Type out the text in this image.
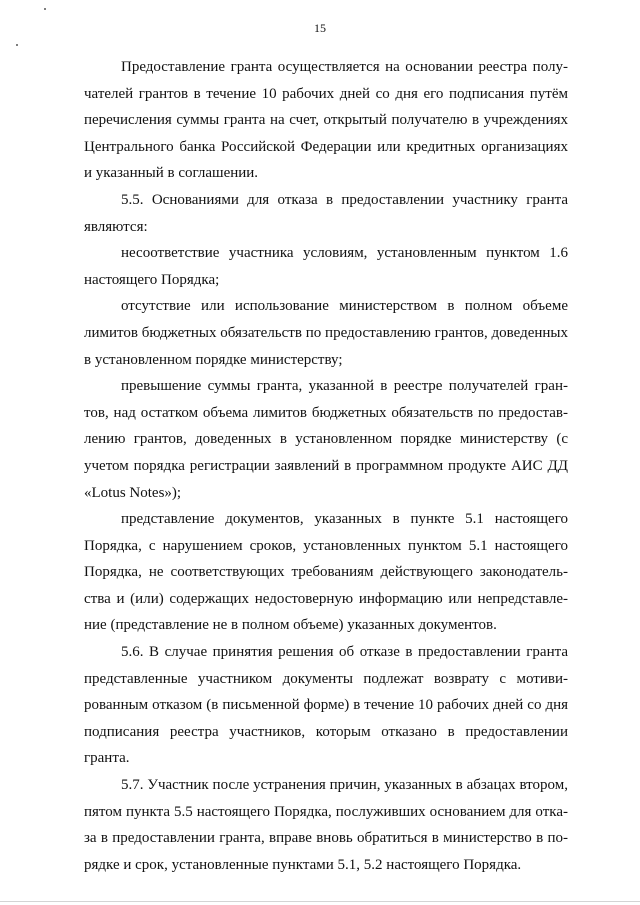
15

Предоставление гранта осуществляется на основании реестра получателей грантов в течение 10 рабочих дней со дня его подписания путём перечисления суммы гранта на счет, открытый получателю в учреждениях Центрального банка Российской Федерации или кредитных организациях и указанный в соглашении.

5.5. Основаниями для отказа в предоставлении участнику гранта являются:

несоответствие участника условиям, установленным пунктом 1.6 настоящего Порядка;

отсутствие или использование министерством в полном объеме лимитов бюджетных обязательств по предоставлению грантов, доведенных в установленном порядке министерству;

превышение суммы гранта, указанной в реестре получателей грантов, над остатком объема лимитов бюджетных обязательств по предоставлению грантов, доведенных в установленном порядке министерству (с учетом порядка регистрации заявлений в программном продукте АИС ДД «Lotus Notes»);

представление документов, указанных в пункте 5.1 настоящего Порядка, с нарушением сроков, установленных пунктом 5.1 настоящего Порядка, не соответствующих требованиям действующего законодательства и (или) содержащих недостоверную информацию или непредставление (представление не в полном объеме) указанных документов.

5.6. В случае принятия решения об отказе в предоставлении гранта представленные участником документы подлежат возврату с мотивированным отказом (в письменной форме) в течение 10 рабочих дней со дня подписания реестра участников, которым отказано в предоставлении гранта.

5.7. Участник после устранения причин, указанных в абзацах втором, пятом пункта 5.5 настоящего Порядка, послуживших основанием для отказа в предоставлении гранта, вправе вновь обратиться в министерство в порядке и срок, установленные пунктами 5.1, 5.2 настоящего Порядка.
